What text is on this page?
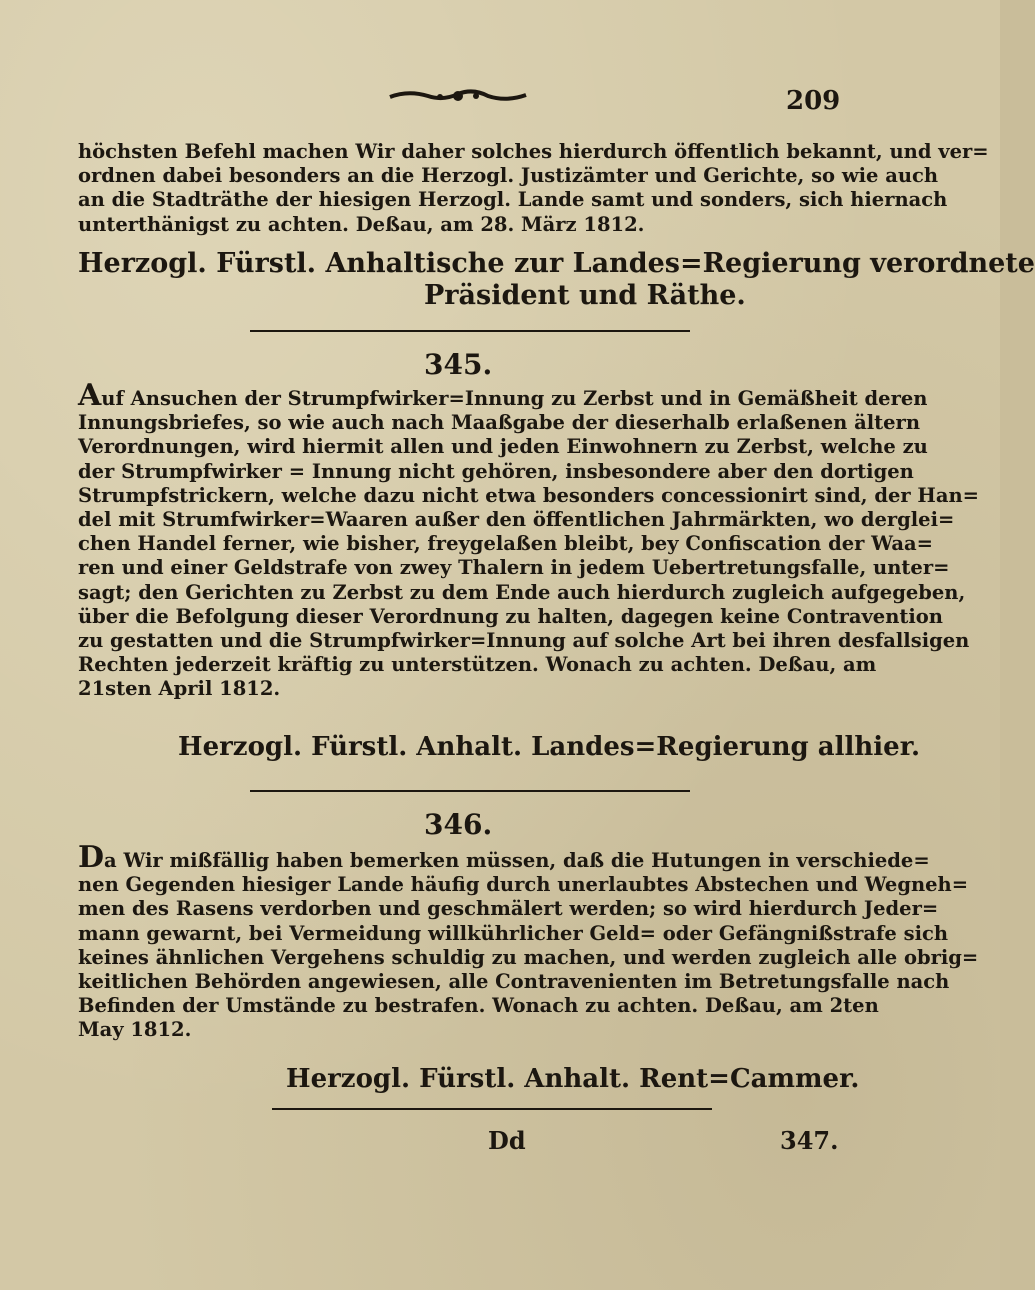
209
höchsten Befehl machen Wir daher solches hierdurch öffentlich bekannt, und ver=
ordnen dabei besonders an die Herzogl. Justizämter und Gerichte, so wie auch
an die Stadträthe der hiesigen Herzogl. Lande samt und sonders, sich hiernach
unterthänigst zu achten. Deßau, am 28. März 1812.
Herzogl. Fürstl. Anhaltische zur Landes=Regierung verordnete
Präsident und Räthe.
345.
Auf Ansuchen der Strumpfwirker=Innung zu Zerbst und in Gemäßheit deren
Innungsbriefes, so wie auch nach Maaßgabe der dieserhalb erlaßenen ältern
Verordnungen, wird hiermit allen und jeden Einwohnern zu Zerbst, welche zu
der Strumpfwirker = Innung nicht gehören, insbesondere aber den dortigen
Strumpfstrickern, welche dazu nicht etwa besonders concessionirt sind, der Han=
del mit Strumfwirker=Waaren außer den öffentlichen Jahrmärkten, wo derglei=
chen Handel ferner, wie bisher, freygelaßen bleibt, bey Confiscation der Waa=
ren und einer Geldstrafe von zwey Thalern in jedem Uebertretungsfalle, unter=
sagt; den Gerichten zu Zerbst zu dem Ende auch hierdurch zugleich aufgegeben,
über die Befolgung dieser Verordnung zu halten, dagegen keine Contravention
zu gestatten und die Strumpfwirker=Innung auf solche Art bei ihren desfallsigen
Rechten jederzeit kräftig zu unterstützen. Wonach zu achten. Deßau, am
21sten April 1812.
Herzogl. Fürstl. Anhalt. Landes=Regierung allhier.
346.
Da Wir mißfällig haben bemerken müssen, daß die Hutungen in verschiede=
nen Gegenden hiesiger Lande häufig durch unerlaubtes Abstechen und Wegneh=
men des Rasens verdorben und geschmälert werden; so wird hierdurch Jeder=
mann gewarnt, bei Vermeidung willkührlicher Geld= oder Gefängnißstrafe sich
keines ähnlichen Vergehens schuldig zu machen, und werden zugleich alle obrig=
keitlichen Behörden angewiesen, alle Contravenienten im Betretungsfalle nach
Befinden der Umstände zu bestrafen. Wonach zu achten. Deßau, am 2ten
May 1812.
Herzogl. Fürstl. Anhalt. Rent=Cammer.
Dd	347.
